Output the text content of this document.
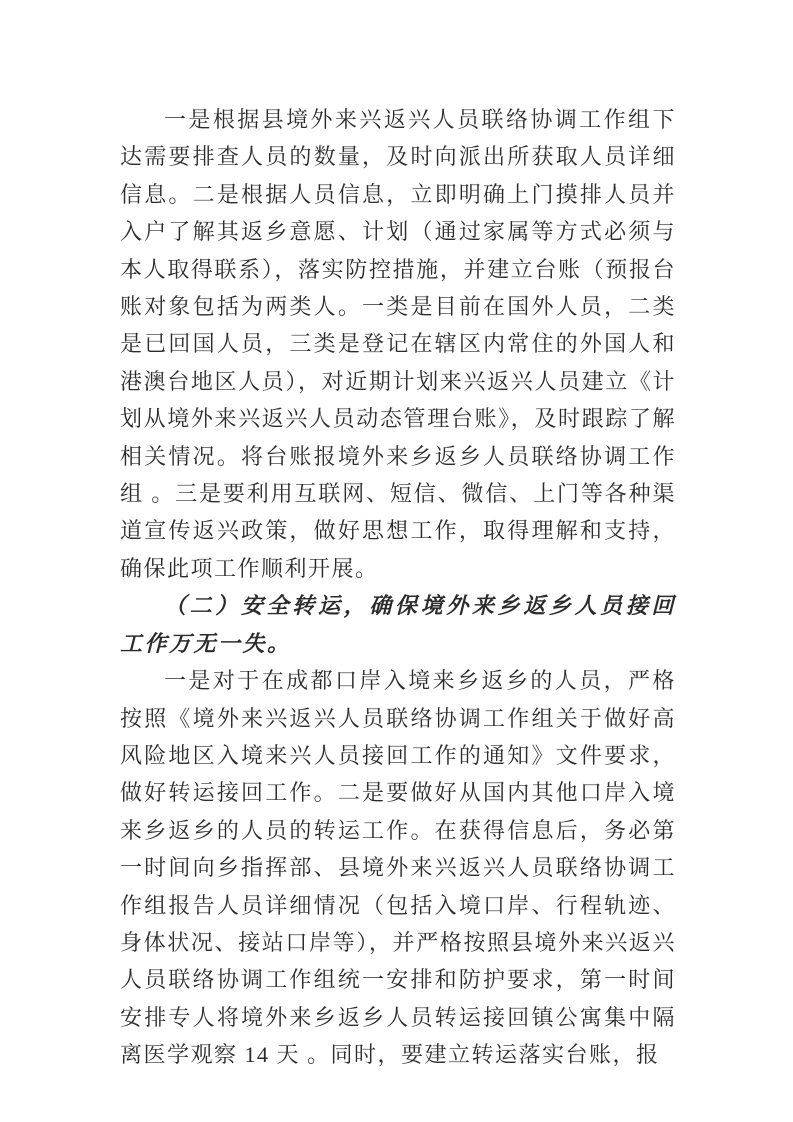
一是根据县境外来兴返兴人员联络协调工作组下达需要排查人员的数量，及时向派出所获取人员详细信息。二是根据人员信息，立即明确上门摸排人员并入户了解其返乡意愿、计划（通过家属等方式必须与本人取得联系），落实防控措施，并建立台账（预报台账对象包括为两类人。一类是目前在国外人员，二类是已回国人员，三类是登记在辖区内常住的外国人和港澳台地区人员），对近期计划来兴返兴人员建立《计划从境外来兴返兴人员动态管理台账》，及时跟踪了解相关情况。将台账报境外来乡返乡人员联络协调工作组 。三是要利用互联网、短信、微信、上门等各种渠道宣传返兴政策，做好思想工作，取得理解和支持，确保此项工作顺利开展。

（二）安全转运，确保境外来乡返乡人员接回工作万无一失。

一是对于在成都口岸入境来乡返乡的人员，严格按照《境外来兴返兴人员联络协调工作组关于做好高风险地区入境来兴人员接回工作的通知》文件要求，做好转运接回工作。二是要做好从国内其他口岸入境来乡返乡的人员的转运工作。在获得信息后，务必第一时间向乡指挥部、县境外来兴返兴人员联络协调工作组报告人员详细情况（包括入境口岸、行程轨迹、身体状况、接站口岸等），并严格按照县境外来兴返兴人员联络协调工作组统一安排和防护要求，第一时间安排专人将境外来乡返乡人员转运接回镇公寓集中隔离医学观察 14 天 。同时，要建立转运落实台账，报
